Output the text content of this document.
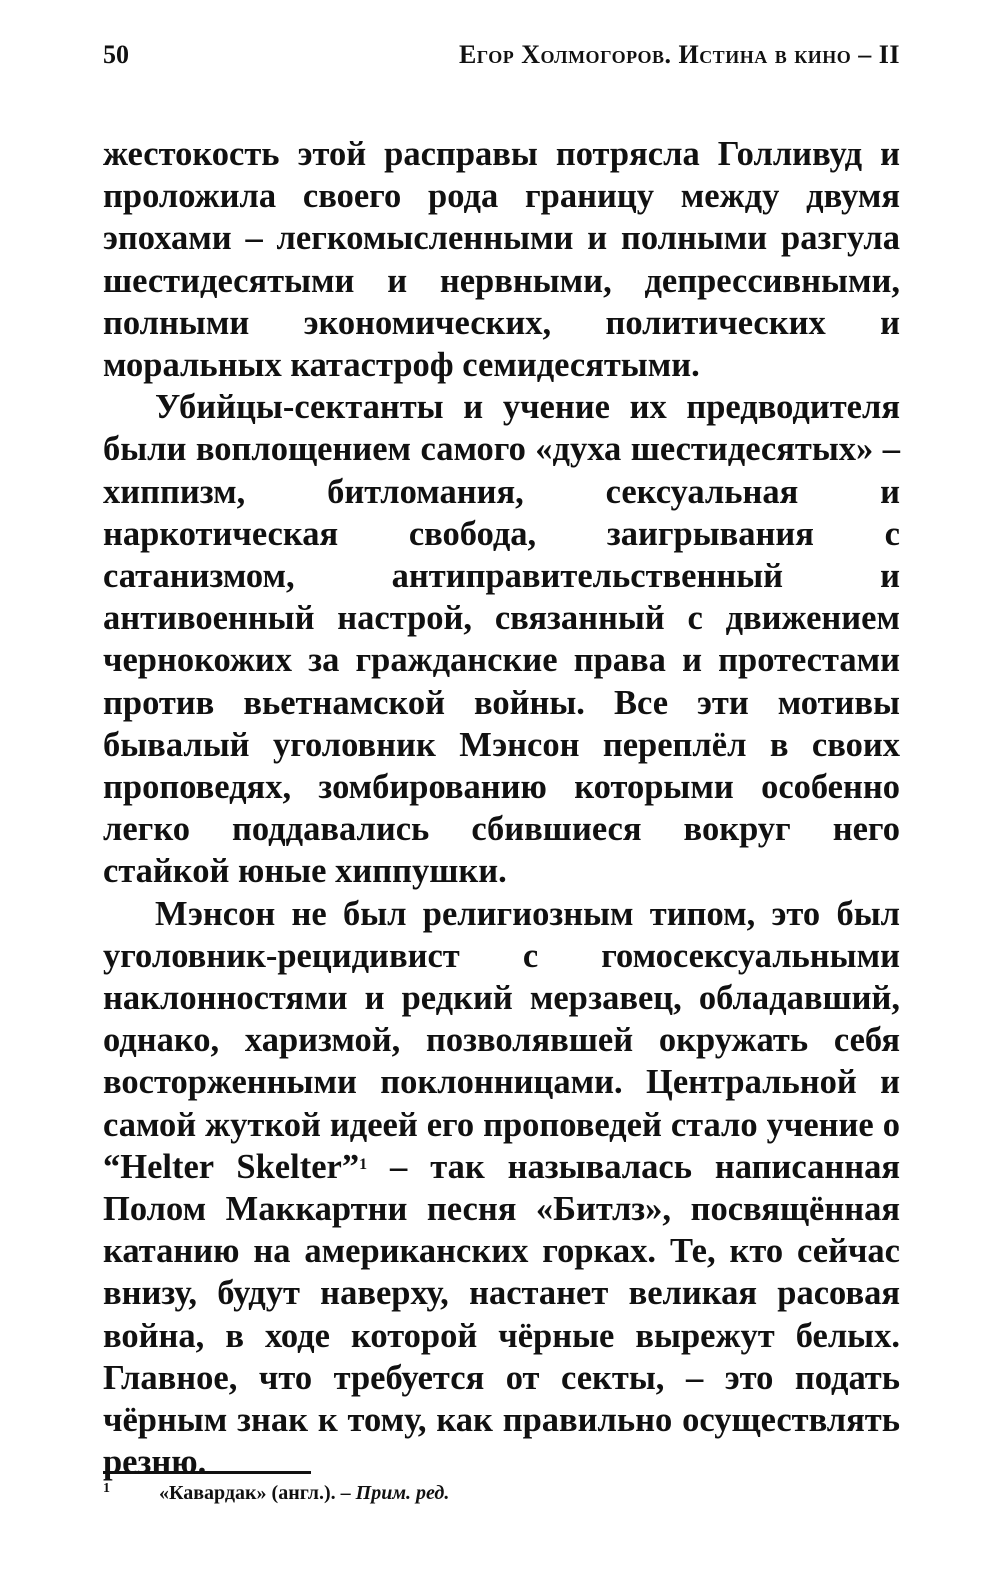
50	Егор Холмогоров. Истина в кино – II

жестокость этой расправы потрясла Голливуд и проложила своего рода границу между двумя эпохами – легкомысленными и полными разгула шестидесятыми и нервными, депрессивными, полными экономических, политических и моральных катастроф семидесятыми.

Убийцы-сектанты и учение их предводителя были воплощением самого «духа шестидесятых» – хиппизм, битломания, сексуальная и наркотическая свобода, заигрывания с сатанизмом, антиправительственный и антивоенный настрой, связанный с движением чернокожих за гражданские права и протестами против вьетнамской войны. Все эти мотивы бывалый уголовник Мэнсон переплёл в своих проповедях, зомбированию которыми особенно легко поддавались сбившиеся вокруг него стайкой юные хиппушки.

Мэнсон не был религиозным типом, это был уголовник-рецидивист с гомосексуальными наклонностями и редкий мерзавец, обладавший, однако, харизмой, позволявшей окружать себя восторженными поклонницами. Центральной и самой жуткой идеей его проповедей стало учение о “Helter Skelter”$^1$ – так называлась написанная Полом Маккартни песня «Битлз», посвящённая катанию на американских горках. Те, кто сейчас внизу, будут наверху, настанет великая расовая война, в ходе которой чёрные вырежут белых. Главное, что требуется от секты, – это подать чёрным знак к тому, как правильно осуществлять резню.

1 «Кавардак» (англ.). – Прим. ред.
